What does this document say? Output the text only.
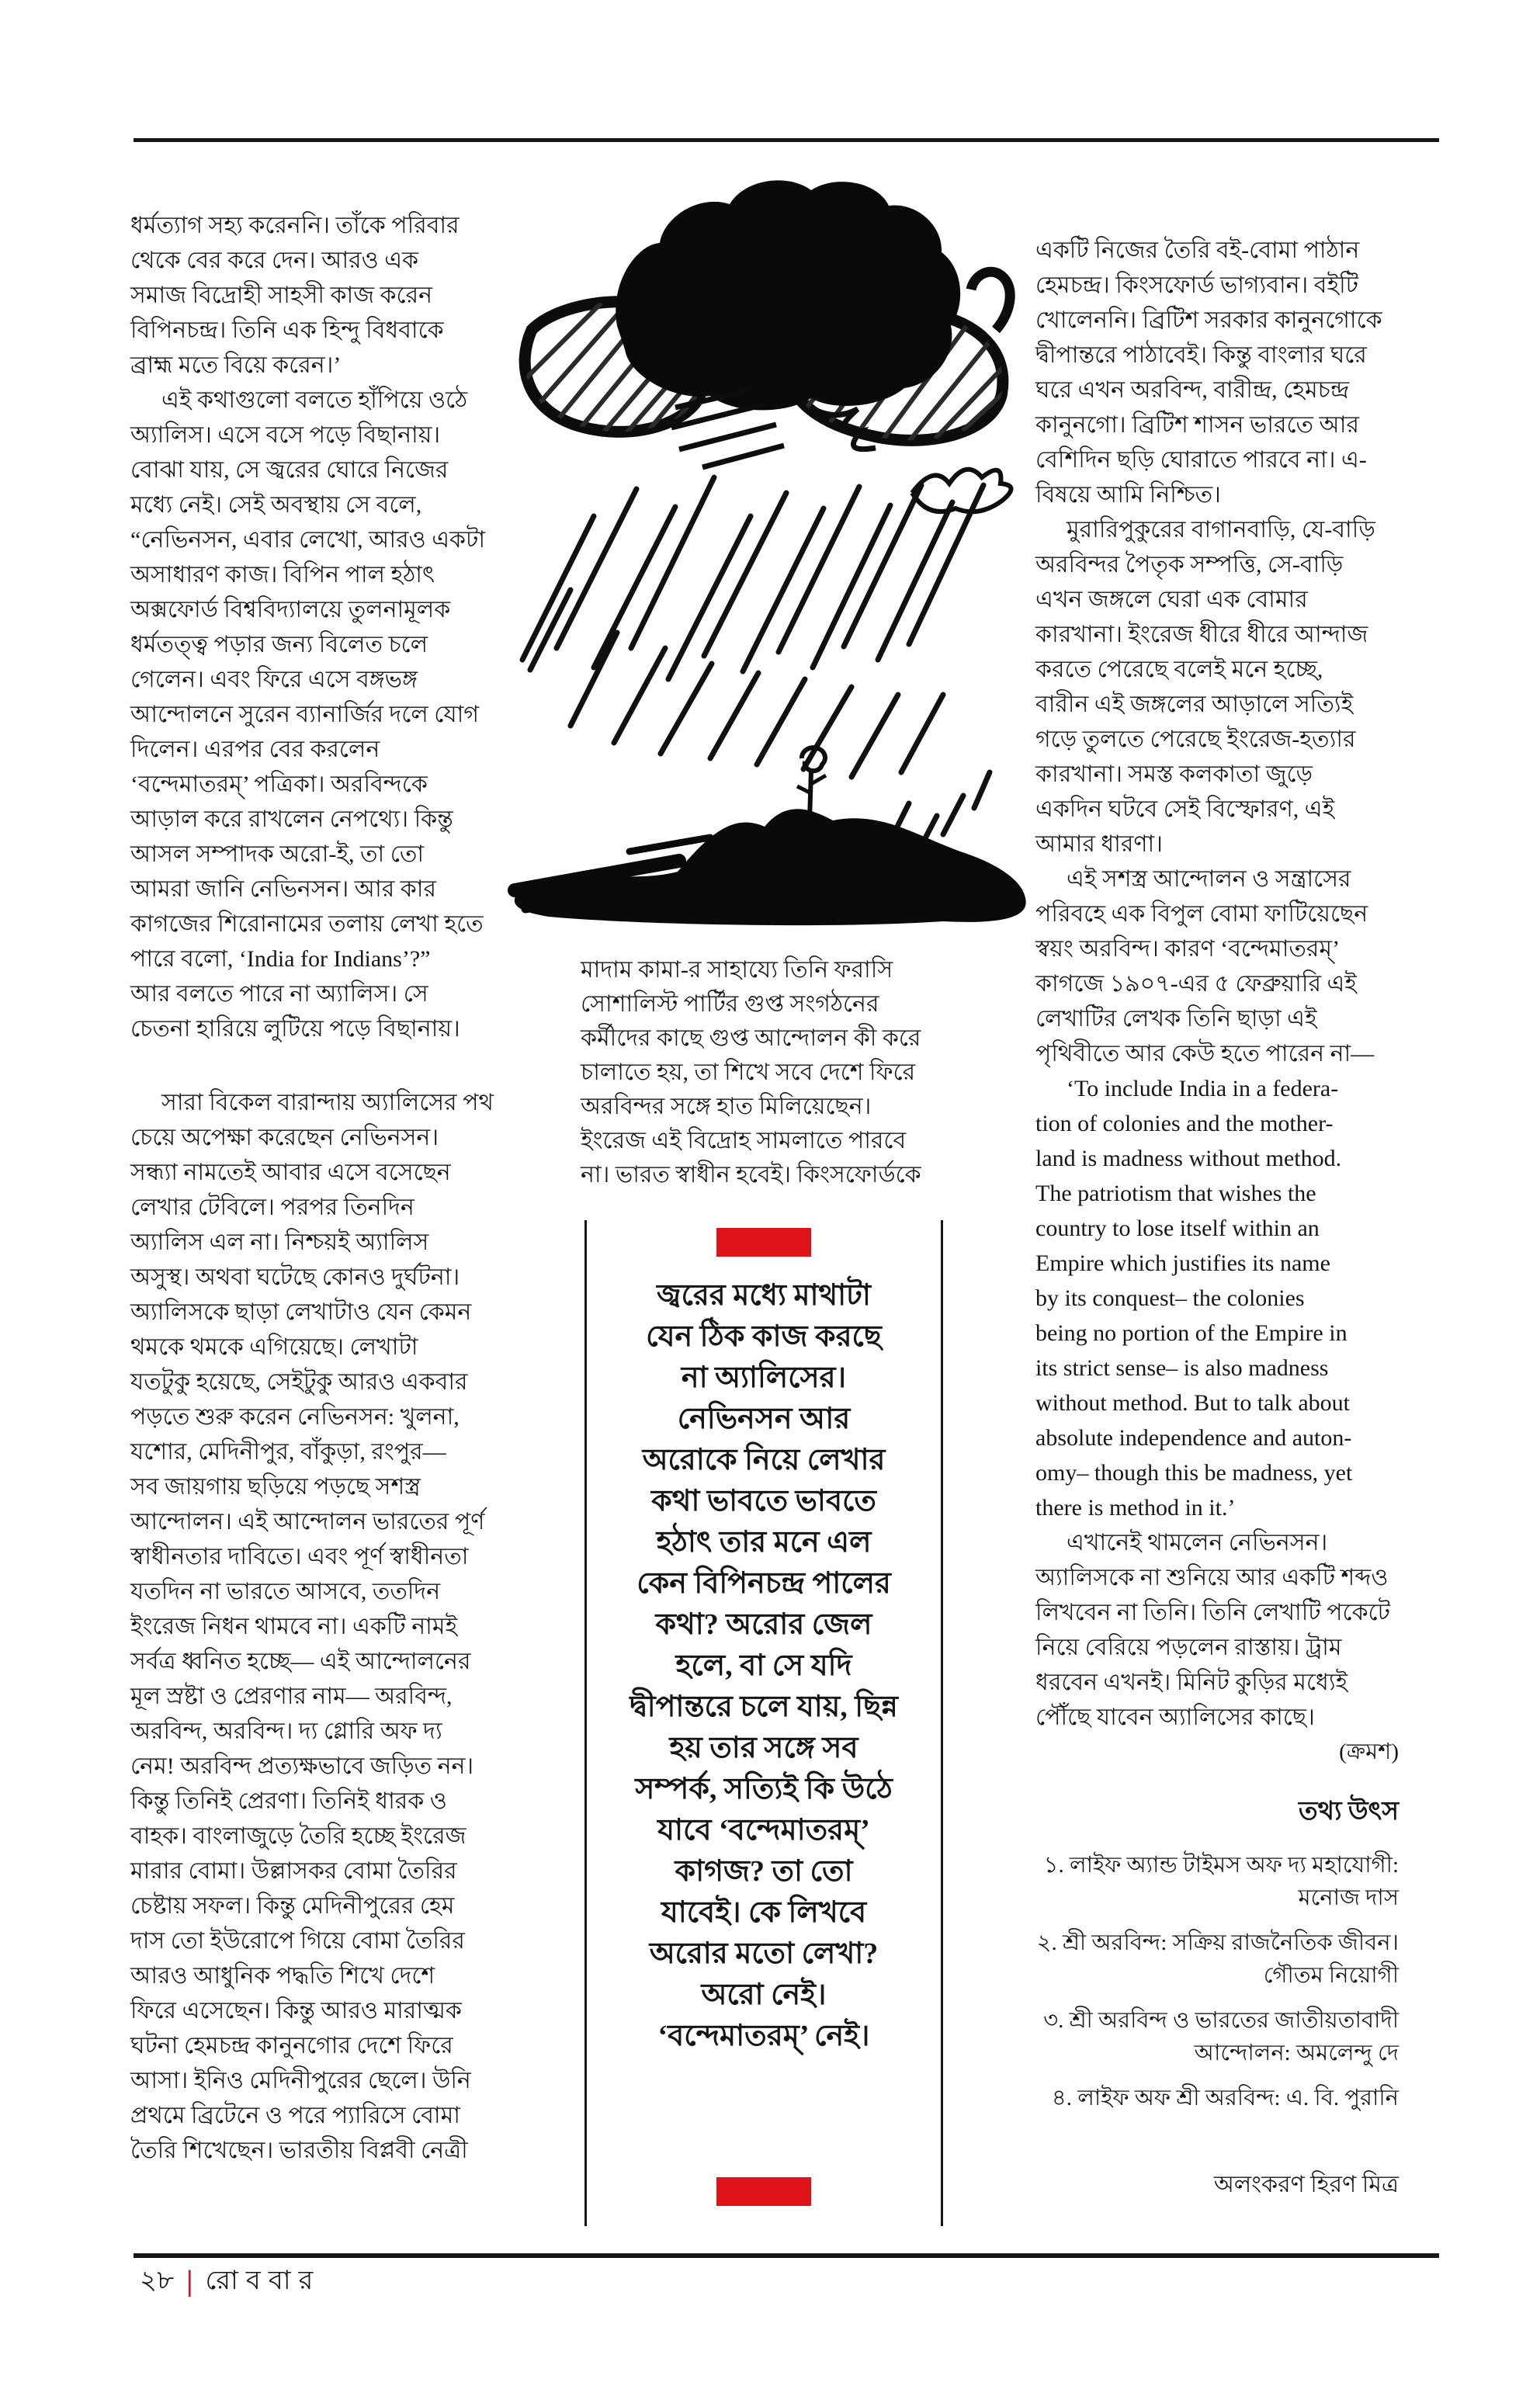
ধর্মত্যাগ সহ্য করেননি। তাঁকে পরিবার
থেকে বের করে দেন। আরও এক
সমাজ বিদ্রোহী সাহসী কাজ করেন
বিপিনচন্দ্র। তিনি এক হিন্দু বিধবাকে
ব্রাহ্ম মতে বিয়ে করেন।’
এই কথাগুলো বলতে হাঁপিয়ে ওঠে
অ্যালিস। এসে বসে পড়ে বিছানায়।
বোঝা যায়, সে জ্বরের ঘোরে নিজের
মধ্যে নেই। সেই অবস্থায় সে বলে,
“নেভিনসন, এবার লেখো, আরও একটা
অসাধারণ কাজ। বিপিন পাল হঠাৎ
অক্সফোর্ড বিশ্ববিদ্যালয়ে তুলনামূলক
ধর্মতত্ত্ব পড়ার জন্য বিলেত চলে
গেলেন। এবং ফিরে এসে বঙ্গভঙ্গ
আন্দোলনে সুরেন ব্যানার্জির দলে যোগ
দিলেন। এরপর বের করলেন
‘বন্দেমাতরম্’ পত্রিকা। অরবিন্দকে
আড়াল করে রাখলেন নেপথ্যে। কিন্তু
আসল সম্পাদক অরো-ই, তা তো
আমরা জানি নেভিনসন। আর কার
কাগজের শিরোনামের তলায় লেখা হতে
পারে বলো, ‘India for Indians’?”
আর বলতে পারে না অ্যালিস। সে
চেতনা হারিয়ে লুটিয়ে পড়ে বিছানায়।
সারা বিকেল বারান্দায় অ্যালিসের পথ
চেয়ে অপেক্ষা করেছেন নেভিনসন।
সন্ধ্যা নামতেই আবার এসে বসেছেন
লেখার টেবিলে। পরপর তিনদিন
অ্যালিস এল না। নিশ্চয়ই অ্যালিস
অসুস্থ। অথবা ঘটেছে কোনও দুর্ঘটনা।
অ্যালিসকে ছাড়া লেখাটাও যেন কেমন
থমকে থমকে এগিয়েছে। লেখাটা
যতটুকু হয়েছে, সেইটুকু আরও একবার
পড়তে শুরু করেন নেভিনসন: খুলনা,
যশোর, মেদিনীপুর, বাঁকুড়া, রংপুর—
সব জায়গায় ছড়িয়ে পড়ছে সশস্ত্র
আন্দোলন। এই আন্দোলন ভারতের পূর্ণ
স্বাধীনতার দাবিতে। এবং পূর্ণ স্বাধীনতা
যতদিন না ভারতে আসবে, ততদিন
ইংরেজ নিধন থামবে না। একটি নামই
সর্বত্র ধ্বনিত হচ্ছে— এই আন্দোলনের
মূল স্রষ্টা ও প্রেরণার নাম— অরবিন্দ,
অরবিন্দ, অরবিন্দ। দ্য গ্লোরি অফ দ্য
নেম! অরবিন্দ প্রত্যক্ষভাবে জড়িত নন।
কিন্তু তিনিই প্রেরণা। তিনিই ধারক ও
বাহক। বাংলাজুড়ে তৈরি হচ্ছে ইংরেজ
মারার বোমা। উল্লাসকর বোমা তৈরির
চেষ্টায় সফল। কিন্তু মেদিনীপুরের হেম
দাস তো ইউরোপে গিয়ে বোমা তৈরির
আরও আধুনিক পদ্ধতি শিখে দেশে
ফিরে এসেছেন। কিন্তু আরও মারাত্মক
ঘটনা হেমচন্দ্র কানুনগোর দেশে ফিরে
আসা। ইনিও মেদিনীপুরের ছেলে। উনি
প্রথমে ব্রিটেনে ও পরে প্যারিসে বোমা
তৈরি শিখেছেন। ভারতীয় বিপ্লবী নেত্রী
মাদাম কামা-র সাহায্যে তিনি ফরাসি
সোশালিস্ট পার্টির গুপ্ত সংগঠনের
কর্মীদের কাছে গুপ্ত আন্দোলন কী করে
চালাতে হয়, তা শিখে সবে দেশে ফিরে
অরবিন্দর সঙ্গে হাত মিলিয়েছেন।
ইংরেজ এই বিদ্রোহ সামলাতে পারবে
না। ভারত স্বাধীন হবেই। কিংসফোর্ডকে
জ্বরের মধ্যে মাথাটা
যেন ঠিক কাজ করছে
না অ্যালিসের।
নেভিনসন আর
অরোকে নিয়ে লেখার
কথা ভাবতে ভাবতে
হঠাৎ তার মনে এল
কেন বিপিনচন্দ্র পালের
কথা? অরোর জেল
হলে, বা সে যদি
দ্বীপান্তরে চলে যায়, ছিন্ন
হয় তার সঙ্গে সব
সম্পর্ক, সত্যিই কি উঠে
যাবে ‘বন্দেমাতরম্’
কাগজ? তা তো
যাবেই। কে লিখবে
অরোর মতো লেখা?
অরো নেই।
‘বন্দেমাতরম্’ নেই।
একটি নিজের তৈরি বই-বোমা পাঠান
হেমচন্দ্র। কিংসফোর্ড ভাগ্যবান। বইটি
খোলেননি। ব্রিটিশ সরকার কানুনগোকে
দ্বীপান্তরে পাঠাবেই। কিন্তু বাংলার ঘরে
ঘরে এখন অরবিন্দ, বারীন্দ্র, হেমচন্দ্র
কানুনগো। ব্রিটিশ শাসন ভারতে আর
বেশিদিন ছড়ি ঘোরাতে পারবে না। এ-
বিষয়ে আমি নিশ্চিত।
মুরারিপুকুরের বাগানবাড়ি, যে-বাড়ি
অরবিন্দর পৈতৃক সম্পত্তি, সে-বাড়ি
এখন জঙ্গলে ঘেরা এক বোমার
কারখানা। ইংরেজ ধীরে ধীরে আন্দাজ
করতে পেরেছে বলেই মনে হচ্ছে,
বারীন এই জঙ্গলের আড়ালে সত্যিই
গড়ে তুলতে পেরেছে ইংরেজ-হত্যার
কারখানা। সমস্ত কলকাতা জুড়ে
একদিন ঘটবে সেই বিস্ফোরণ, এই
আমার ধারণা।
এই সশস্ত্র আন্দোলন ও সন্ত্রাসের
পরিবহে এক বিপুল বোমা ফাটিয়েছেন
স্বয়ং অরবিন্দ। কারণ ‘বন্দেমাতরম্’
কাগজে ১৯০৭-এর ৫ ফেব্রুয়ারি এই
লেখাটির লেখক তিনি ছাড়া এই
পৃথিবীতে আর কেউ হতে পারেন না—
‘To include India in a federa-
tion of colonies and the mother-
land is madness without method.
The patriotism that wishes the
country to lose itself within an
Empire which justifies its name
by its conquest– the colonies
being no portion of the Empire in
its strict sense– is also madness
without method. But to talk about
absolute independence and auton-
omy– though this be madness, yet
there is method in it.’
এখানেই থামলেন নেভিনসন।
অ্যালিসকে না শুনিয়ে আর একটি শব্দও
লিখবেন না তিনি। তিনি লেখাটি পকেটে
নিয়ে বেরিয়ে পড়লেন রাস্তায়। ট্রাম
ধরবেন এখনই। মিনিট কুড়ির মধ্যেই
পৌঁছে যাবেন অ্যালিসের কাছে।
(ক্রমশ)
তথ্য উৎস
১. লাইফ অ্যান্ড টাইমস অফ দ্য মহাযোগী:
মনোজ দাস
২. শ্রী অরবিন্দ: সক্রিয় রাজনৈতিক জীবন।
গৌতম নিয়োগী
৩. শ্রী অরবিন্দ ও ভারতের জাতীয়তাবাদী
আন্দোলন: অমলেন্দু দে
৪. লাইফ অফ শ্রী অরবিন্দ: এ. বি. পুরানি
অলংকরণ হিরণ মিত্র
২৮ | রোববার
